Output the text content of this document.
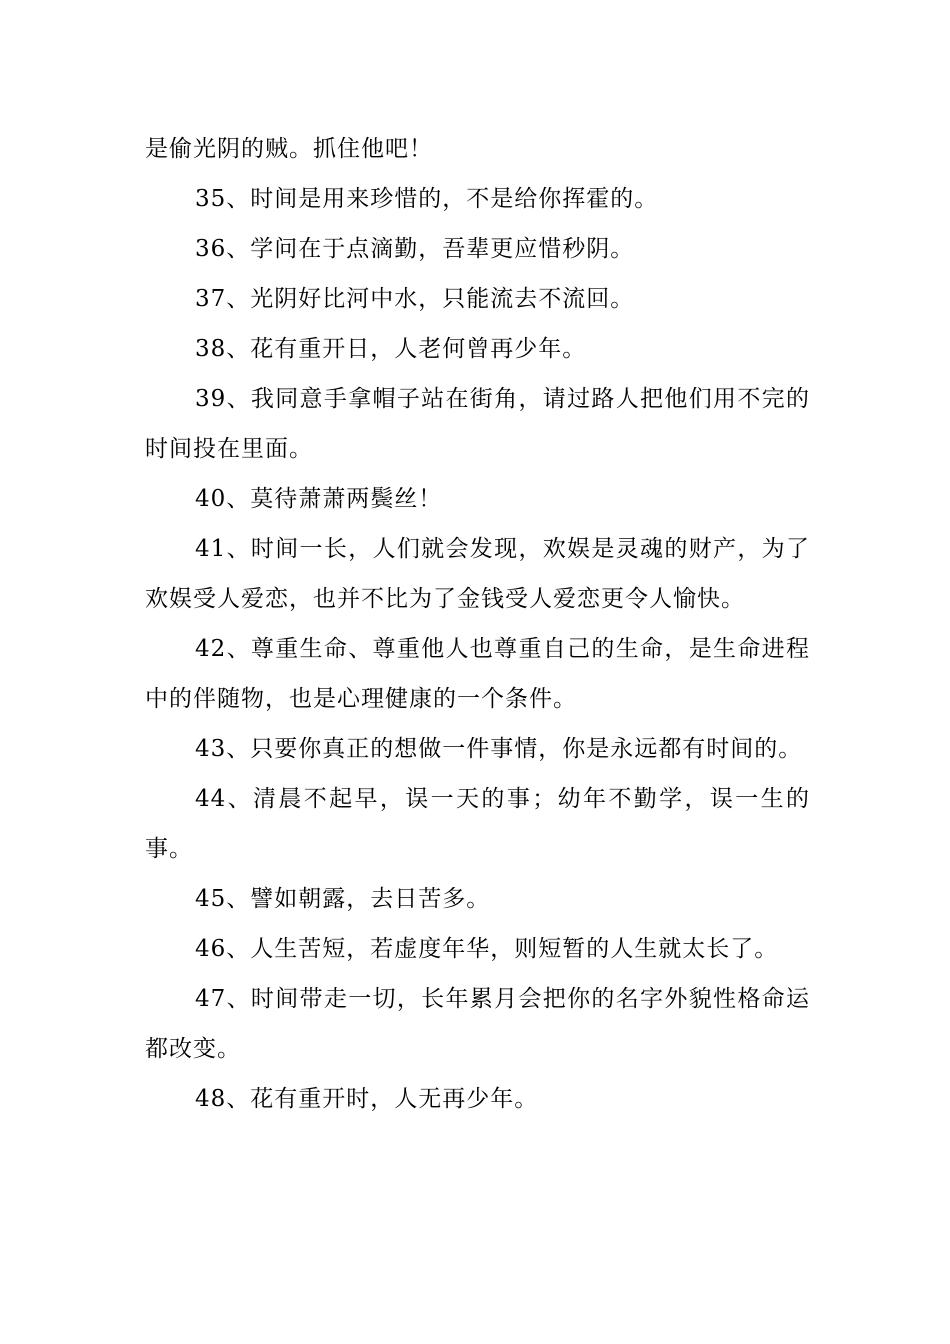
是偷光阴的贼。抓住他吧！

35、时间是用来珍惜的，不是给你挥霍的。

36、学问在于点滴勤，吾辈更应惜秒阴。

37、光阴好比河中水，只能流去不流回。

38、花有重开日，人老何曾再少年。

39、我同意手拿帽子站在街角，请过路人把他们用不完的时间投在里面。

40、莫待萧萧两鬓丝！

41、时间一长，人们就会发现，欢娱是灵魂的财产，为了欢娱受人爱恋，也并不比为了金钱受人爱恋更令人愉快。

42、尊重生命、尊重他人也尊重自己的生命，是生命进程中的伴随物，也是心理健康的一个条件。

43、只要你真正的想做一件事情，你是永远都有时间的。

44、清晨不起早，误一天的事；幼年不勤学，误一生的事。

45、譬如朝露，去日苦多。

46、人生苦短，若虚度年华，则短暂的人生就太长了。

47、时间带走一切，长年累月会把你的名字外貌性格命运都改变。

48、花有重开时，人无再少年。
